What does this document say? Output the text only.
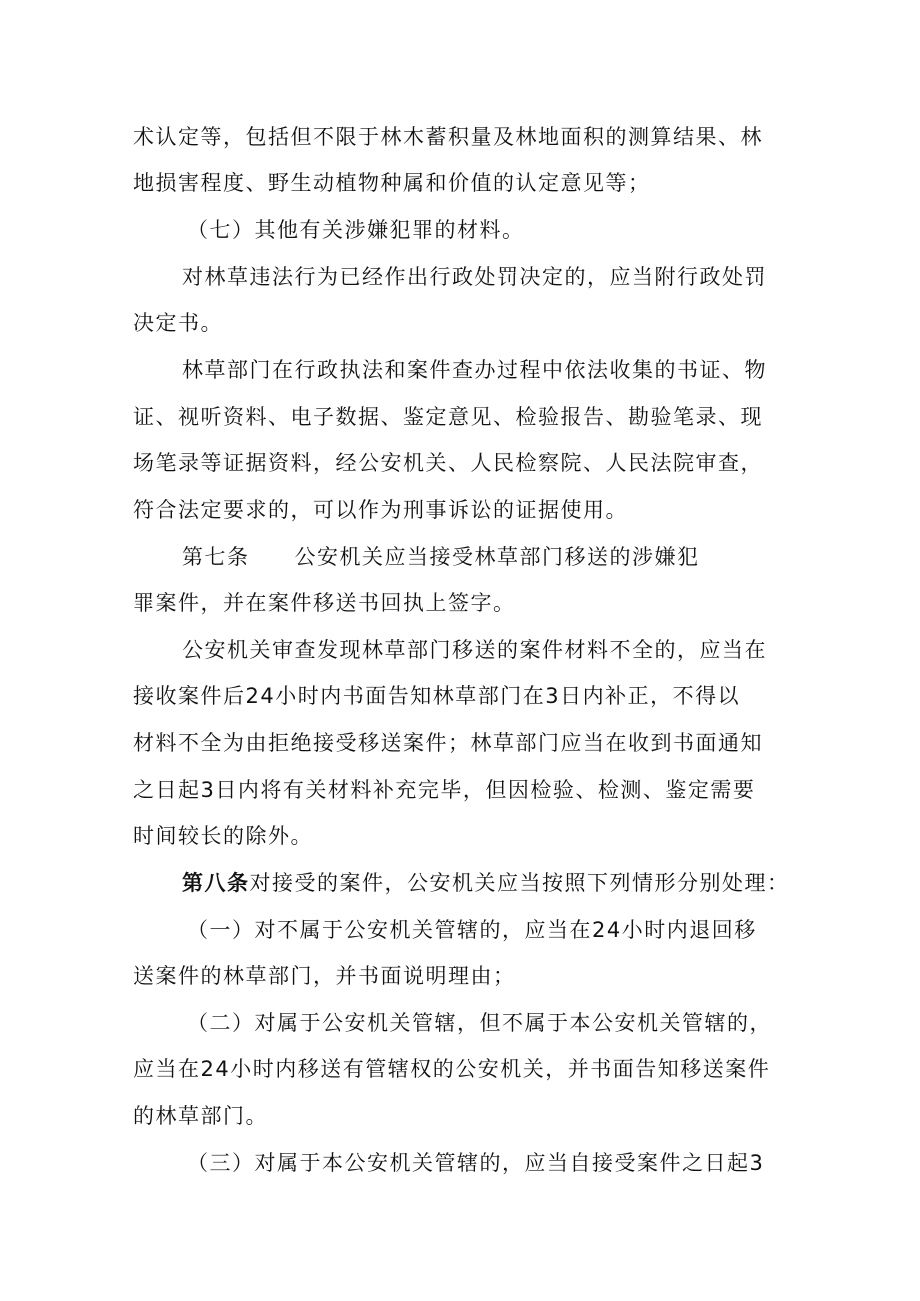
术认定等，包括但不限于林木蓄积量及林地面积的测算结果、林
地损害程度、野生动植物种属和价值的认定意见等；
（七）其他有关涉嫌犯罪的材料。
对林草违法行为已经作出行政处罚决定的，应当附行政处罚
决定书。
林草部门在行政执法和案件查办过程中依法收集的书证、物
证、视听资料、电子数据、鉴定意见、检验报告、勘验笔录、现
场笔录等证据资料，经公安机关、人民检察院、人民法院审查，
符合法定要求的，可以作为刑事诉讼的证据使用。
第七条　　公安机关应当接受林草部门移送的涉嫌犯
罪案件，并在案件移送书回执上签字。
公安机关审查发现林草部门移送的案件材料不全的，应当在
接收案件后24小时内书面告知林草部门在3日内补正，不得以
材料不全为由拒绝接受移送案件；林草部门应当在收到书面通知
之日起3日内将有关材料补充完毕，但因检验、检测、鉴定需要
时间较长的除外。
第八条对接受的案件，公安机关应当按照下列情形分别处理：
（一）对不属于公安机关管辖的，应当在24小时内退回移
送案件的林草部门，并书面说明理由；
（二）对属于公安机关管辖，但不属于本公安机关管辖的，
应当在24小时内移送有管辖权的公安机关，并书面告知移送案件
的林草部门。
（三）对属于本公安机关管辖的，应当自接受案件之日起3
